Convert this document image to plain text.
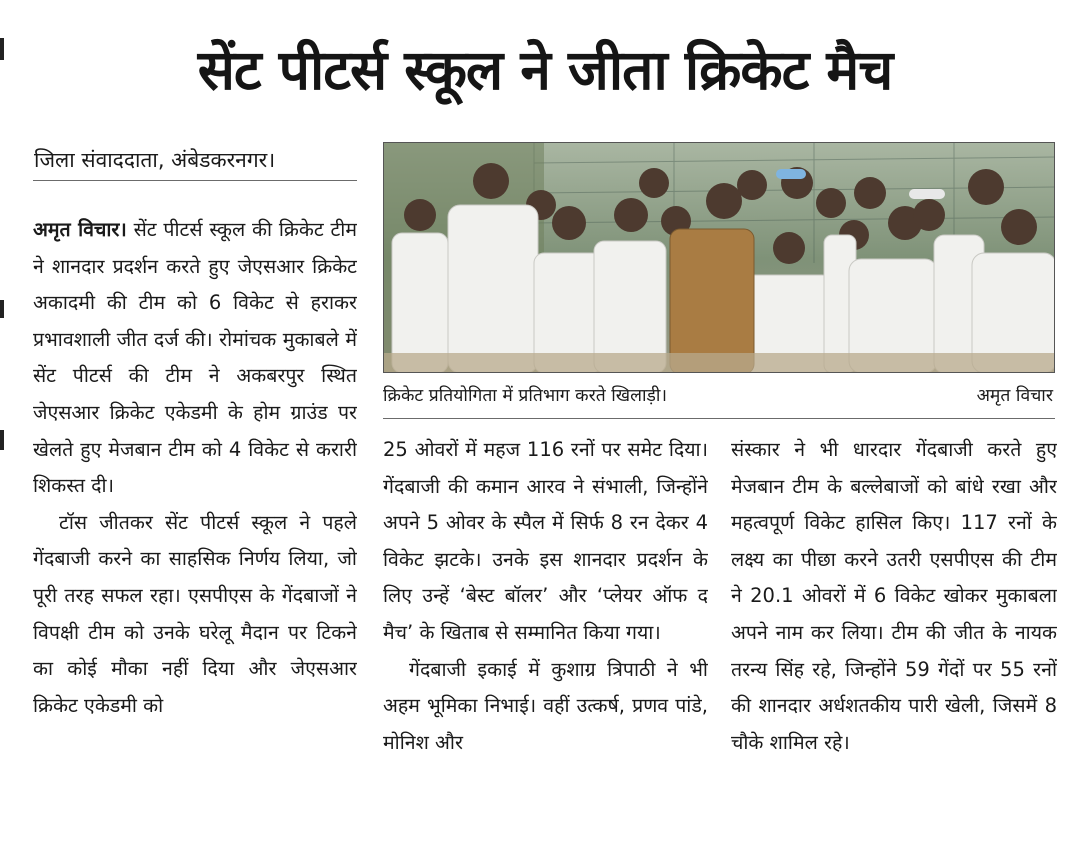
सेंट पीटर्स स्कूल ने जीता क्रिकेट मैच
जिला संवाददाता, अंबेडकरनगर।

अमृत विचार। सेंट पीटर्स स्कूल की क्रिकेट टीम ने शानदार प्रदर्शन करते हुए जेएसआर क्रिकेट अकादमी की टीम को 6 विकेट से हराकर प्रभावशाली जीत दर्ज की। रोमांचक मुकाबले में सेंट पीटर्स की टीम ने अकबरपुर स्थित जेएसआर क्रिकेट एकेडमी के होम ग्राउंड पर खेलते हुए मेजबान टीम को 4 विकेट से करारी शिकस्त दी।

टॉस जीतकर सेंट पीटर्स स्कूल ने पहले गेंदबाजी करने का साहसिक निर्णय लिया, जो पूरी तरह सफल रहा। एसपीएस के गेंदबाजों ने विपक्षी टीम को उनके घरेलू मैदान पर टिकने का कोई मौका नहीं दिया और जेएसआर क्रिकेट एकेडमी को

क्रिकेट प्रतियोगिता में प्रतिभाग करते खिलाड़ी।	अमृत विचार

25 ओवरों में महज 116 रनों पर समेट दिया। गेंदबाजी की कमान आरव ने संभाली, जिन्होंने अपने 5 ओवर के स्पैल में सिर्फ 8 रन देकर 4 विकेट झटके। उनके इस शानदार प्रदर्शन के लिए उन्हें ‘बेस्ट बॉलर’ और ‘प्लेयर ऑफ द मैच’ के खिताब से सम्मानित किया गया।

गेंदबाजी इकाई में कुशाग्र त्रिपाठी ने भी अहम भूमिका निभाई। वहीं उत्कर्ष, प्रणव पांडे, मोनिश और

संस्कार ने भी धारदार गेंदबाजी करते हुए मेजबान टीम के बल्लेबाजों को बांधे रखा और महत्वपूर्ण विकेट हासिल किए। 117 रनों के लक्ष्य का पीछा करने उतरी एसपीएस की टीम ने 20.1 ओवरों में 6 विकेट खोकर मुकाबला अपने नाम कर लिया। टीम की जीत के नायक तरन्य सिंह रहे, जिन्होंने 59 गेंदों पर 55 रनों की शानदार अर्धशतकीय पारी खेली, जिसमें 8 चौके शामिल रहे।
